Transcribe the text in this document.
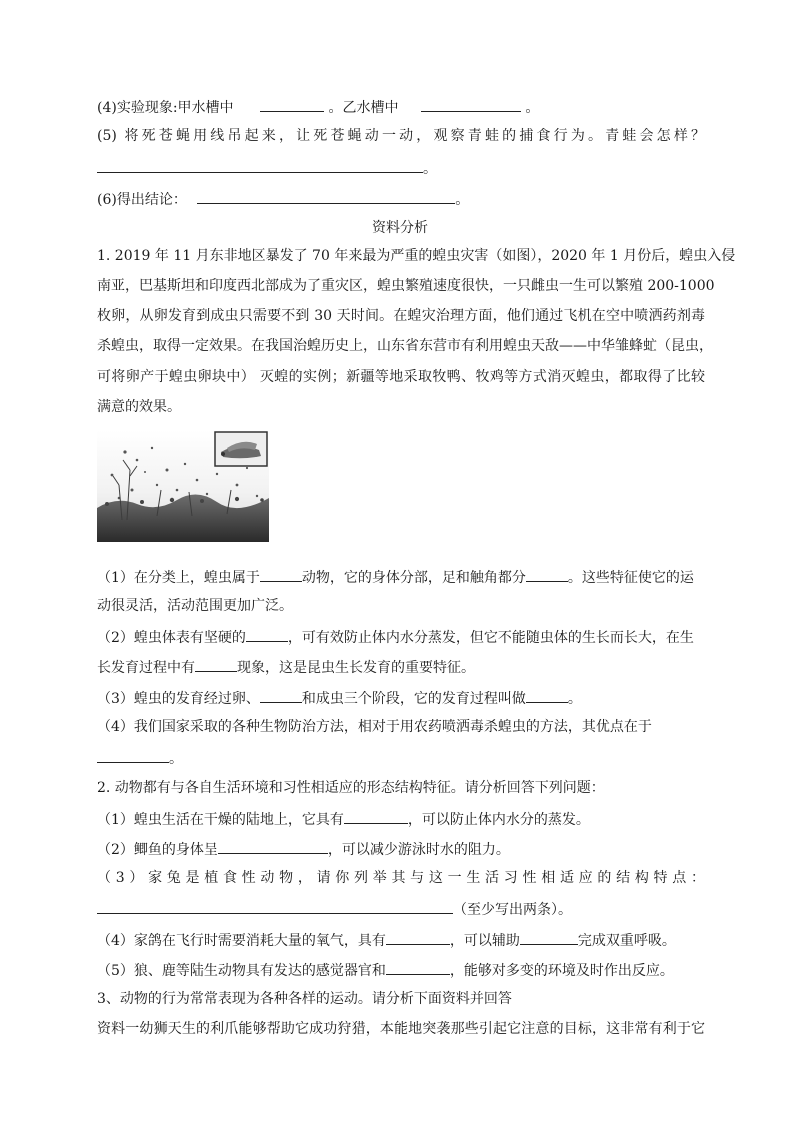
(4)实验现象:甲水槽中	。乙水槽中	。
(5) 将死苍蝇用线吊起来，让死苍蝇动一动，观察青蛙的捕食行为。青蛙会怎样？
。
(6)得出结论：	。
资料分析
1. 2019 年 11 月东非地区暴发了 70 年来最为严重的蝗虫灾害（如图），2020 年 1 月份后，蝗虫入侵
南亚，巴基斯坦和印度西北部成为了重灾区，蝗虫繁殖速度很快，一只雌虫一生可以繁殖 200-1000
枚卵，从卵发育到成虫只需要不到 30 天时间。在蝗灾治理方面，他们通过飞机在空中喷洒药剂毒
杀蝗虫，取得一定效果。在我国治蝗历史上，山东省东营市有利用蝗虫天敌——中华雏蜂虻（昆虫，
可将卵产于蝗虫卵块中） 灭蝗的实例；新疆等地采取牧鸭、牧鸡等方式消灭蝗虫，都取得了比较
满意的效果。
（1）在分类上，蝗虫属于	动物，它的身体分部，足和触角都分	。这些特征使它的运
动很灵活，活动范围更加广泛。
（2）蝗虫体表有坚硬的	，可有效防止体内水分蒸发，但它不能随虫体的生长而长大，在生
长发育过程中有	现象，这是昆虫生长发育的重要特征。
（3）蝗虫的发育经过卵、	和成虫三个阶段，它的发育过程叫做	。
（4）我们国家采取的各种生物防治方法，相对于用农药喷洒毒杀蝗虫的方法，其优点在于
。
2. 动物都有与各自生活环境和习性相适应的形态结构特征。请分析回答下列问题：
（1）蝗虫生活在干燥的陆地上，它具有	，可以防止体内水分的蒸发。
（2）鲫鱼的身体呈	，可以减少游泳时水的阻力。
（3）家兔是植食性动物，请你列举其与这一生活习性相适应的结构特点：
（至少写出两条）。
（4）家鸽在飞行时需要消耗大量的氧气，具有	，可以辅助	完成双重呼吸。
（5）狼、鹿等陆生动物具有发达的感觉器官和	，能够对多变的环境及时作出反应。
3、动物的行为常常表现为各种各样的运动。请分析下面资料并回答
资料一幼狮天生的利爪能够帮助它成功狩猎，本能地突袭那些引起它注意的目标，这非常有利于它
